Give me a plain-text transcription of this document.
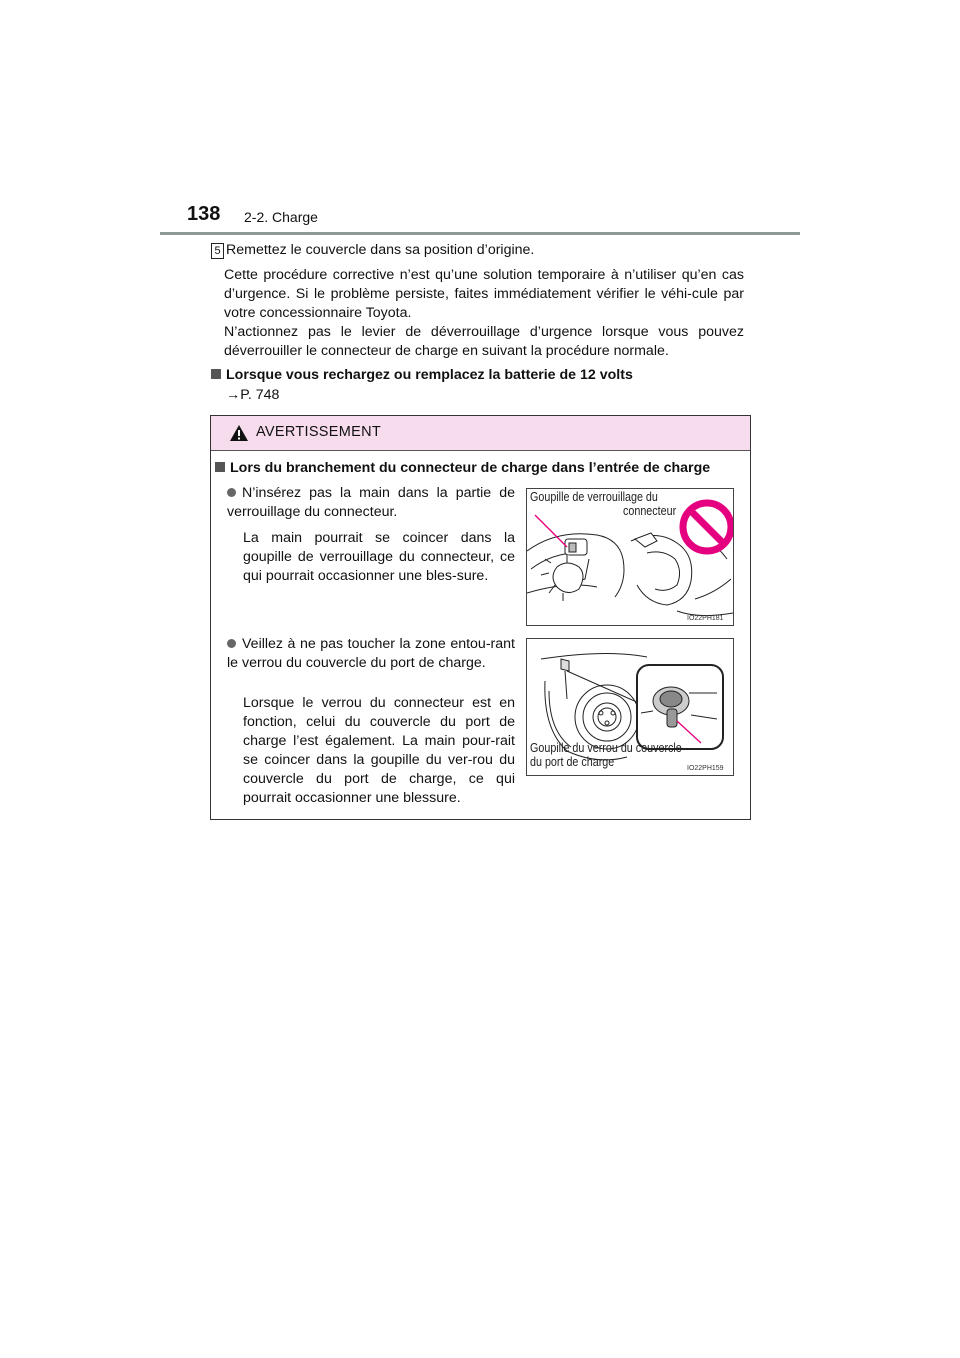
138 2-2. Charge
5 Remettez le couvercle dans sa position d’origine.
Cette procédure corrective n’est qu’une solution temporaire à n’utiliser qu’en cas d’urgence. Si le problème persiste, faites immédiatement vérifier le véhi-cule par votre concessionnaire Toyota.
N’actionnez pas le levier de déverrouillage d’urgence lorsque vous pouvez déverrouiller le connecteur de charge en suivant la procédure normale.
Lorsque vous rechargez ou remplacez la batterie de 12 volts
→P. 748
AVERTISSEMENT
Lors du branchement du connecteur de charge dans l’entrée de charge
N’insérez pas la main dans la partie de verrouillage du connecteur.
La main pourrait se coincer dans la goupille de verrouillage du connecteur, ce qui pourrait occasionner une bles-sure.
Goupille de verrouillage du
connecteur
IO22PH181
Veillez à ne pas toucher la zone entou-rant le verrou du couvercle du port de charge.
Lorsque le verrou du connecteur est en fonction, celui du couvercle du port de charge l’est également. La main pour-rait se coincer dans la goupille du ver-rou du couvercle du port de charge, ce qui pourrait occasionner une blessure.
Goupille du verrou du couvercle
du port de charge	IO22PH159
